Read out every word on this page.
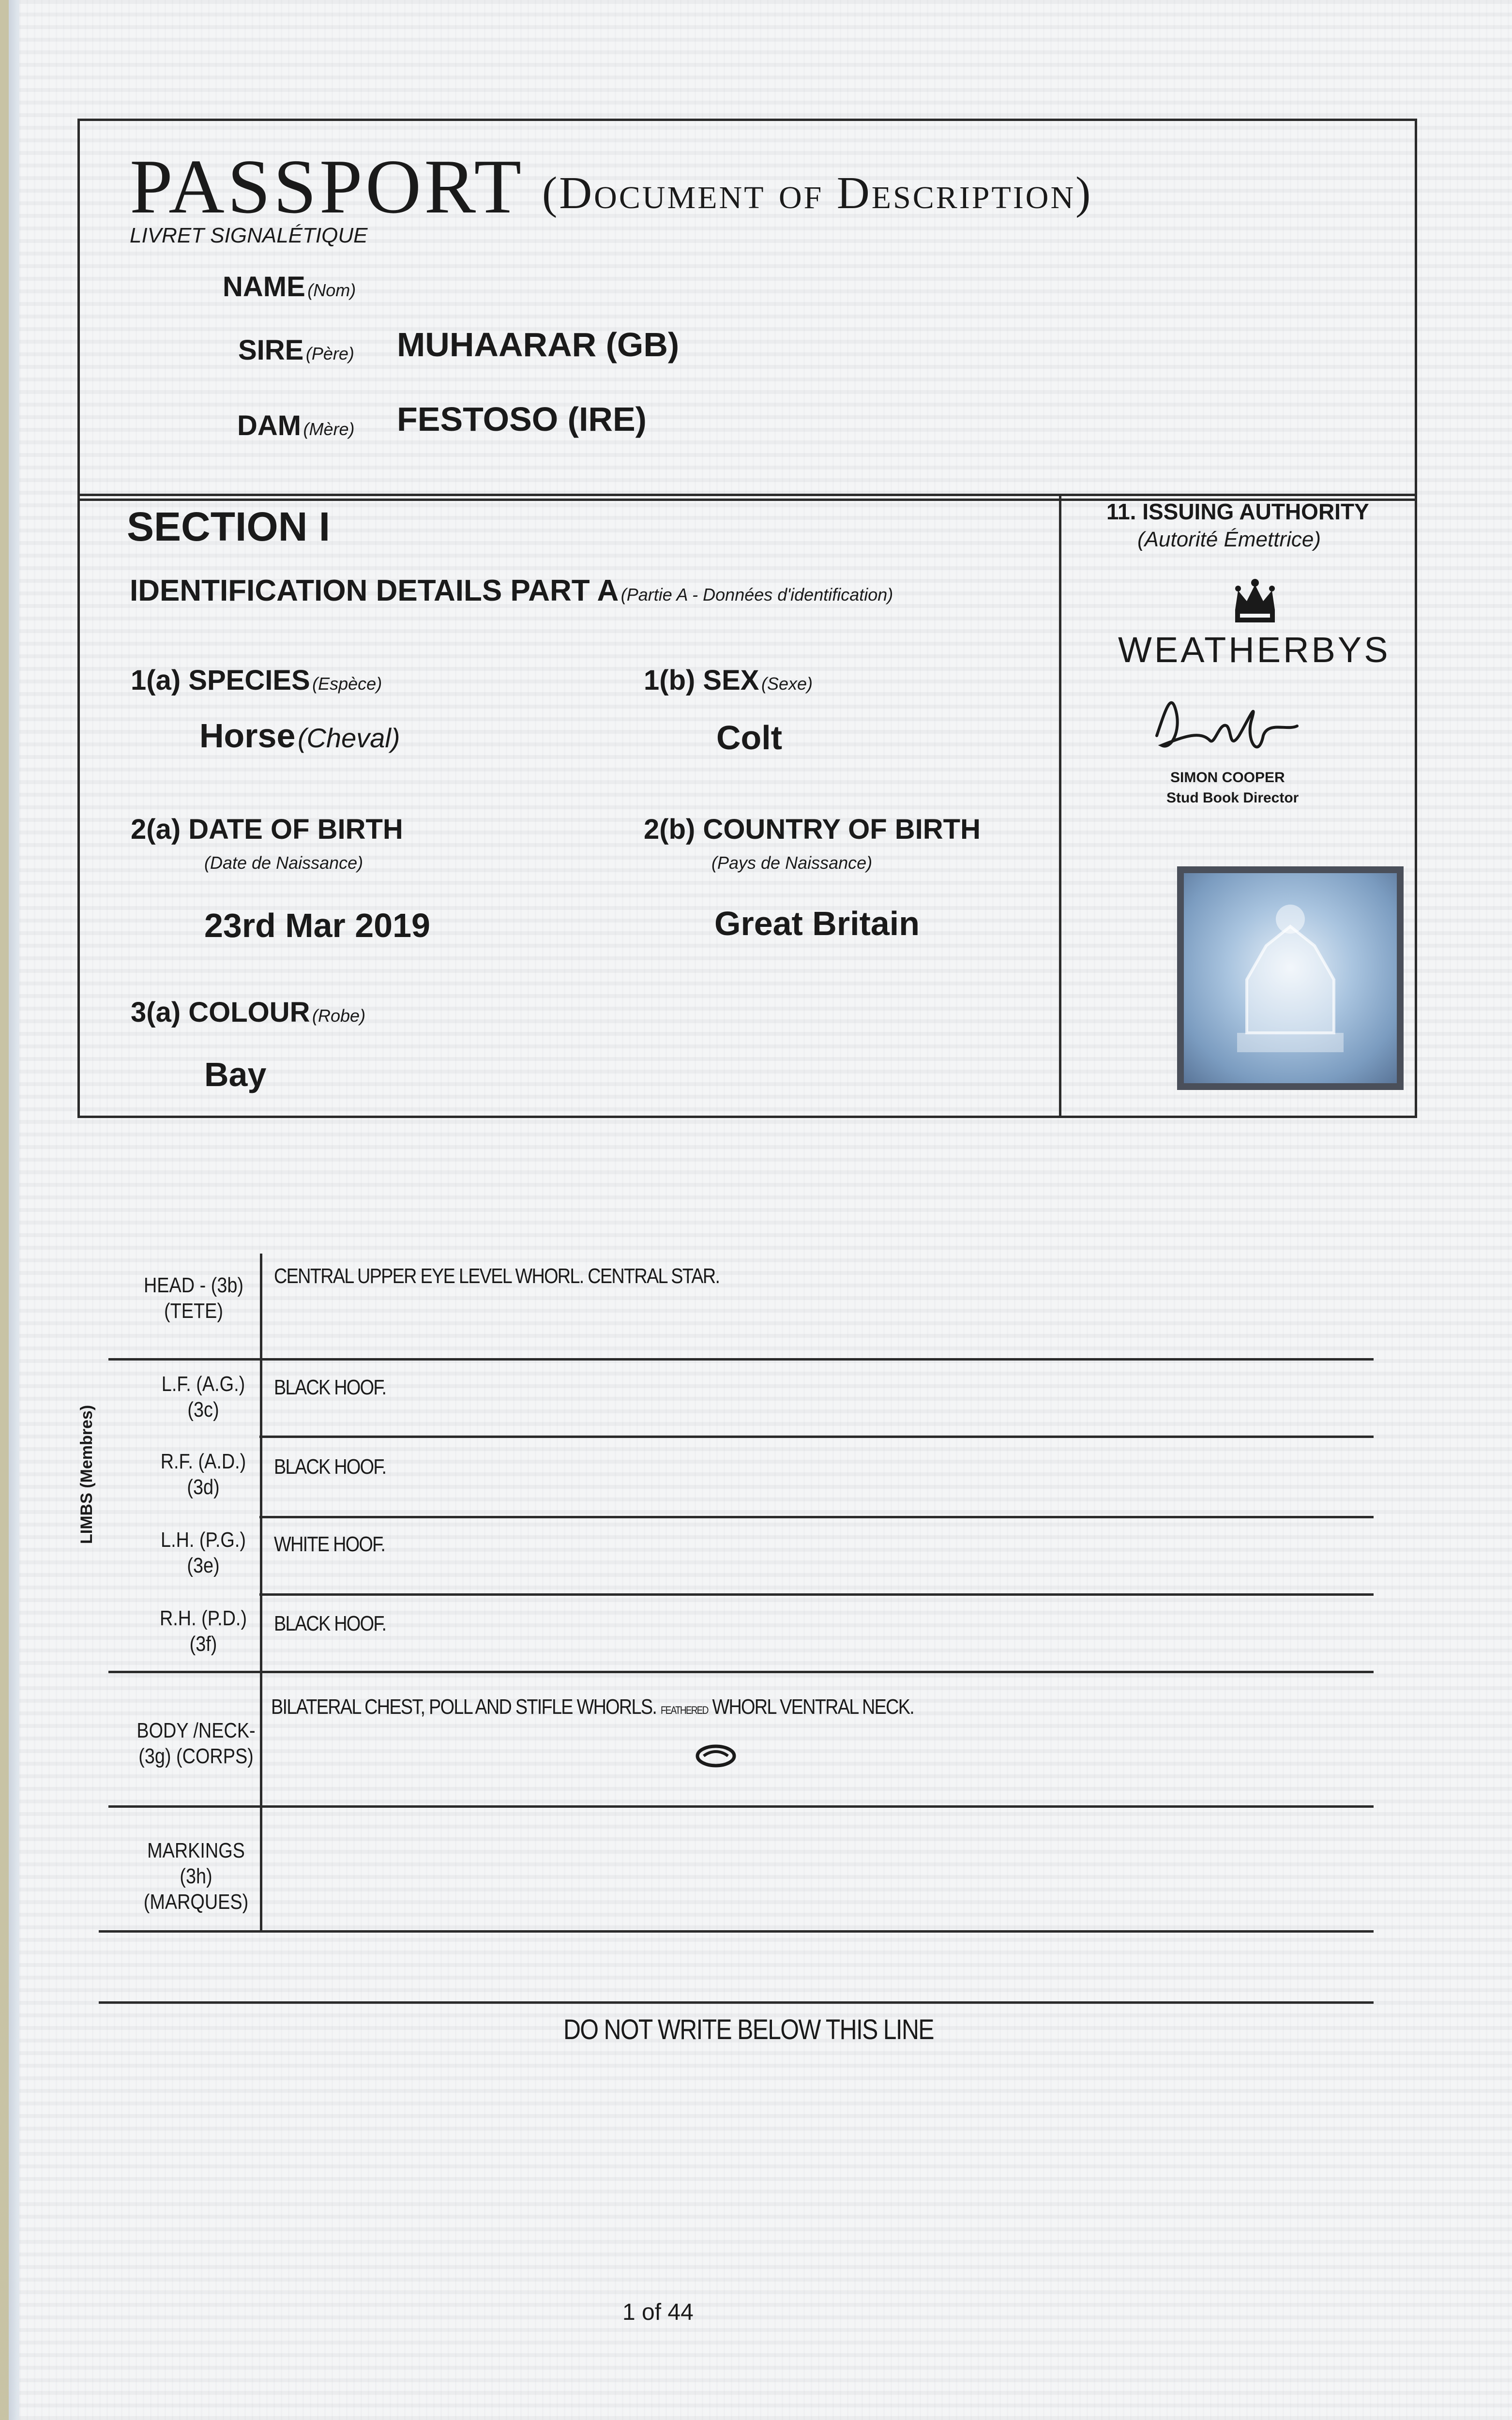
PASSPORT (Document of Description)
LIVRET SIGNALÉTIQUE
NAME (Nom)
SIRE (Père) MUHAARAR (GB)
DAM (Mère) FESTOSO (IRE)
SECTION I
IDENTIFICATION DETAILS PART A (Partie A - Données d'identification)
1(a) SPECIES (Espèce)
Horse (Cheval)
1(b) SEX (Sexe)
Colt
2(a) DATE OF BIRTH
(Date de Naissance)
23rd Mar 2019
2(b) COUNTRY OF BIRTH
(Pays de Naissance)
Great Britain
3(a) COLOUR (Robe)
Bay
11. ISSUING AUTHORITY
(Autorité Émettrice)
WEATHERBYS
SIMON COOPER
Stud Book Director
LIMBS (Membres)
HEAD - (3b)
(TETE)
L.F. (A.G.)
(3c)
R.F. (A.D.)
(3d)
L.H. (P.G.)
(3e)
R.H. (P.D.)
(3f)
BODY /NECK-
(3g) (CORPS)
MARKINGS (3h)
(MARQUES)
CENTRAL UPPER EYE LEVEL WHORL. CENTRAL STAR.
BLACK HOOF.
BLACK HOOF.
WHITE HOOF.
BLACK HOOF.
BILATERAL CHEST, POLL AND STIFLE WHORLS. FEATHERED WHORL VENTRAL NECK.
DO NOT WRITE BELOW THIS LINE
1 of 44
